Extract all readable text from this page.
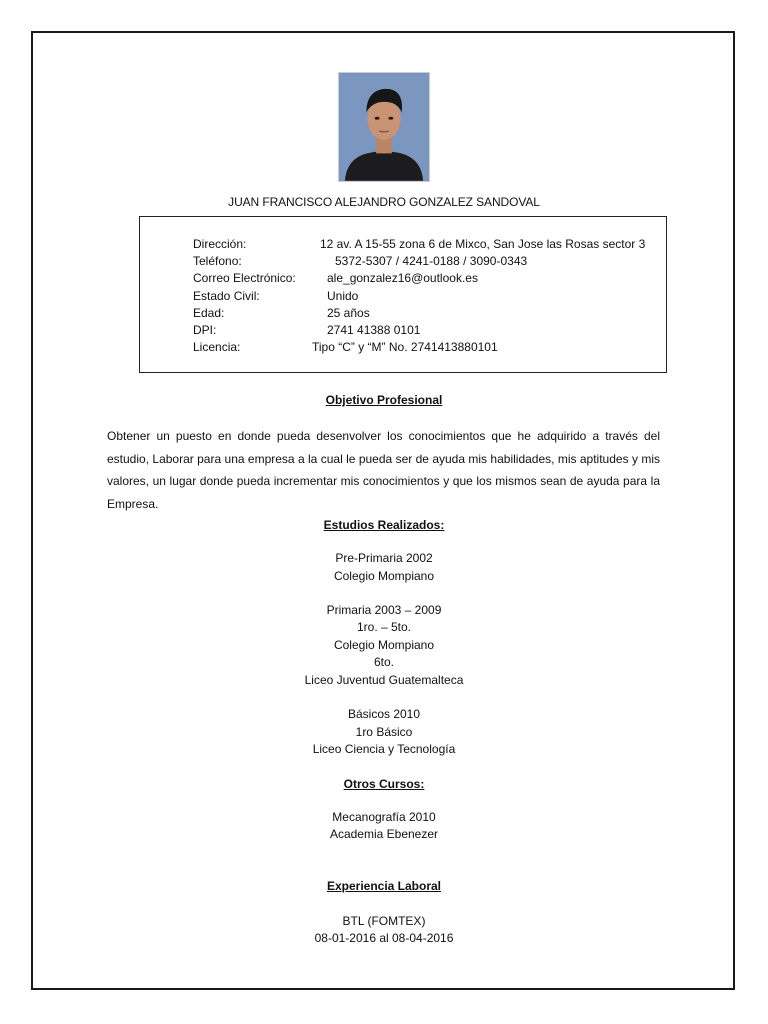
JUAN FRANCISCO ALEJANDRO GONZALEZ SANDOVAL
Dirección:	12 av. A 15-55 zona 6 de Mixco, San Jose las Rosas sector 3
Teléfono:	5372-5307 / 4241-0188 / 3090-0343
Correo Electrónico:	ale_gonzalez16@outlook.es
Estado Civil:	Unido
Edad:	25 años
DPI:	2741 41388 0101
Licencia:	Tipo “C” y “M” No. 2741413880101
Objetivo Profesional
Obtener un puesto en donde pueda desenvolver los conocimientos que he adquirido a través del estudio, Laborar para una empresa a la cual le pueda ser de ayuda mis habilidades, mis aptitudes y mis valores, un lugar donde pueda incrementar mis conocimientos y que los mismos sean de ayuda para la Empresa.
Estudios Realizados:
Pre-Primaria 2002
Colegio Mompiano
Primaria 2003 – 2009
1ro. – 5to.
Colegio Mompiano
6to.
Liceo Juventud Guatemalteca
Básicos 2010
1ro Básico
Liceo Ciencia y Tecnología
Otros Cursos:
Mecanografía 2010
Academia Ebenezer
Experiencia Laboral
BTL (FOMTEX)
08-01-2016 al 08-04-2016
